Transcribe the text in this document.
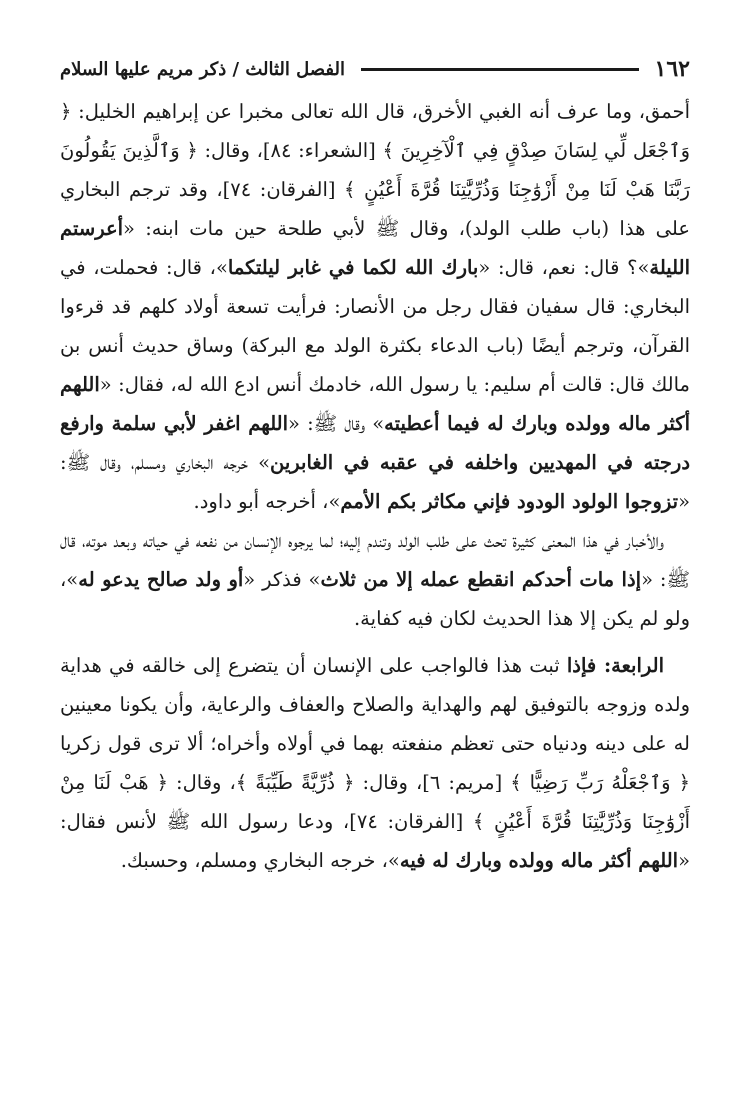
١٦٢
الفصل الثالث / ذكر مريم عليها السلام

أحمق، وما عرف أنه الغبي الأخرق، قال الله تعالى مخبرا عن إبراهيم الخليل: ﴿ وَٱجْعَل لِّي لِسَانَ صِدْقٍ فِي ٱلْآخِرِينَ ﴾ [الشعراء: ٨٤]، وقال: ﴿ وَٱلَّذِينَ يَقُولُونَ رَبَّنَا هَبْ لَنَا مِنْ أَزْوَٰجِنَا وَذُرِّيَّٰتِنَا قُرَّةَ أَعْيُنٍ ﴾ [الفرقان: ٧٤]، وقد ترجم البخاري على هذا (باب طلب الولد)، وقال ﷺ لأبي طلحة حين مات ابنه: «أعرستم الليلة»؟ قال: نعم، قال: «بارك الله لكما في غابر ليلتكما»، قال: فحملت، في البخاري: قال سفيان فقال رجل من الأنصار: فرأيت تسعة أولاد كلهم قد قرءوا القرآن، وترجم أيضًا (باب الدعاء بكثرة الولد مع البركة) وساق حديث أنس بن مالك قال: قالت أم سليم: يا رسول الله، خادمك أنس ادع الله له، فقال: «اللهم أكثر ماله وولده وبارك له فيما أعطيته» وقال ﷺ: «اللهم اغفر لأبي سلمة وارفع درجته في المهديين واخلفه في عقبه في الغابرين» خرجه البخاري ومسلم، وقال ﷺ: «تزوجوا الولود الودود فإني مكاثر بكم الأمم»، أخرجه أبو داود.

والأخبار في هذا المعنى كثيرة تحث على طلب الولد وتندم إليه؛ لما يرجوه الإنسان من نفعه في حياته وبعد موته، قال ﷺ: «إذا مات أحدكم انقطع عمله إلا من ثلاث» فذكر «أو ولد صالح يدعو له»، ولو لم يكن إلا هذا الحديث لكان فيه كفاية.

الرابعة: فإذا ثبت هذا فالواجب على الإنسان أن يتضرع إلى خالقه في هداية ولده وزوجه بالتوفيق لهم والهداية والصلاح والعفاف والرعاية، وأن يكونا معينين له على دينه ودنياه حتى تعظم منفعته بهما في أولاه وأخراه؛ ألا ترى قول زكريا ﴿ وَٱجْعَلْهُ رَبِّ رَضِيًّا ﴾ [مريم: ٦]، وقال: ﴿ ذُرِّيَّةً طَيِّبَةً ﴾، وقال: ﴿ هَبْ لَنَا مِنْ أَزْوَٰجِنَا وَذُرِّيَّٰتِنَا قُرَّةَ أَعْيُنٍ ﴾ [الفرقان: ٧٤]، ودعا رسول الله ﷺ لأنس فقال: «اللهم أكثر ماله وولده وبارك له فيه»، خرجه البخاري ومسلم، وحسبك.
